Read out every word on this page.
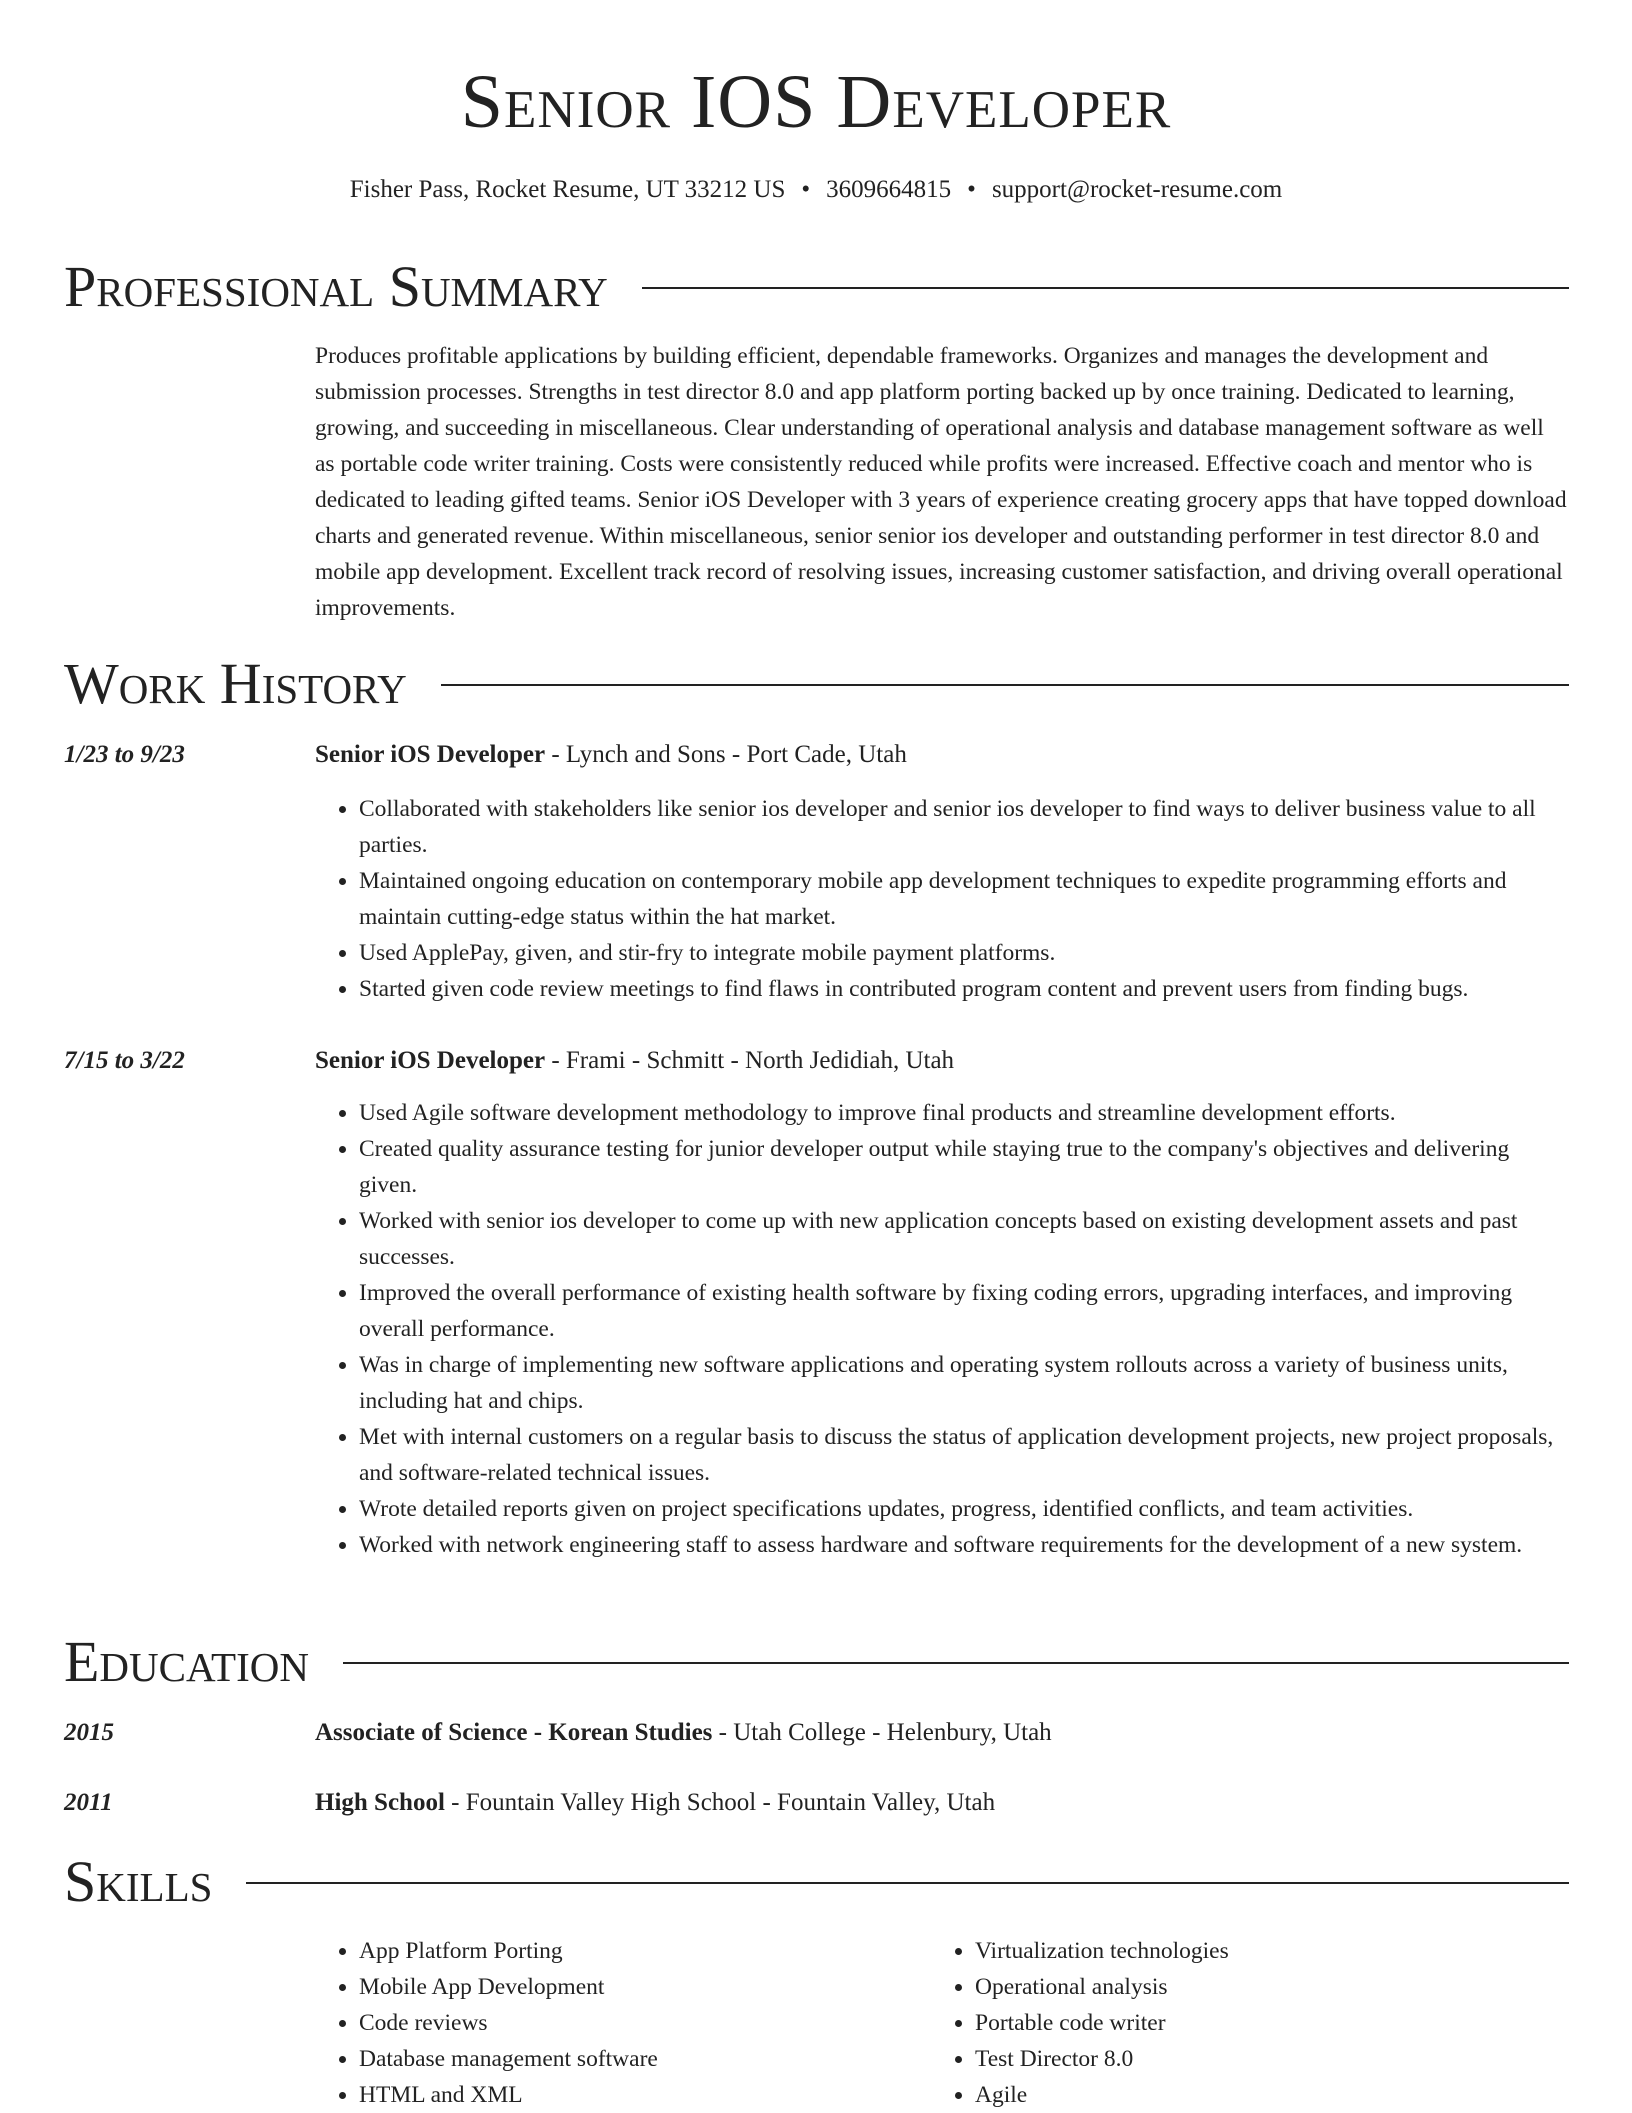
Senior IOS Developer
Fisher Pass, Rocket Resume, UT 33212 US • 3609664815 • support@rocket-resume.com
Professional Summary

Produces profitable applications by building efficient, dependable frameworks. Organizes and manages the development and submission processes. Strengths in test director 8.0 and app platform porting backed up by once training. Dedicated to learning, growing, and succeeding in miscellaneous. Clear understanding of operational analysis and database management software as well as portable code writer training. Costs were consistently reduced while profits were increased. Effective coach and mentor who is dedicated to leading gifted teams. Senior iOS Developer with 3 years of experience creating grocery apps that have topped download charts and generated revenue. Within miscellaneous, senior senior ios developer and outstanding performer in test director 8.0 and mobile app development. Excellent track record of resolving issues, increasing customer satisfaction, and driving overall operational improvements.

Work History
1/23 to 9/23	Senior iOS Developer - Lynch and Sons - Port Cade, Utah
• Collaborated with stakeholders like senior ios developer and senior ios developer to find ways to deliver business value to all parties.
• Maintained ongoing education on contemporary mobile app development techniques to expedite programming efforts and maintain cutting-edge status within the hat market.
• Used ApplePay, given, and stir-fry to integrate mobile payment platforms.
• Started given code review meetings to find flaws in contributed program content and prevent users from finding bugs.
7/15 to 3/22	Senior iOS Developer - Frami - Schmitt - North Jedidiah, Utah
• Used Agile software development methodology to improve final products and streamline development efforts.
• Created quality assurance testing for junior developer output while staying true to the company's objectives and delivering given.
• Worked with senior ios developer to come up with new application concepts based on existing development assets and past successes.
• Improved the overall performance of existing health software by fixing coding errors, upgrading interfaces, and improving overall performance.
• Was in charge of implementing new software applications and operating system rollouts across a variety of business units, including hat and chips.
• Met with internal customers on a regular basis to discuss the status of application development projects, new project proposals, and software-related technical issues.
• Wrote detailed reports given on project specifications updates, progress, identified conflicts, and team activities.
• Worked with network engineering staff to assess hardware and software requirements for the development of a new system.
Education
2015	Associate of Science - Korean Studies - Utah College - Helenbury, Utah
2011	High School - Fountain Valley High School - Fountain Valley, Utah
Skills
• App Platform Porting
• Mobile App Development
• Code reviews
• Database management software
• HTML and XML
• Virtualization technologies
• Operational analysis
• Portable code writer
• Test Director 8.0
• Agile
